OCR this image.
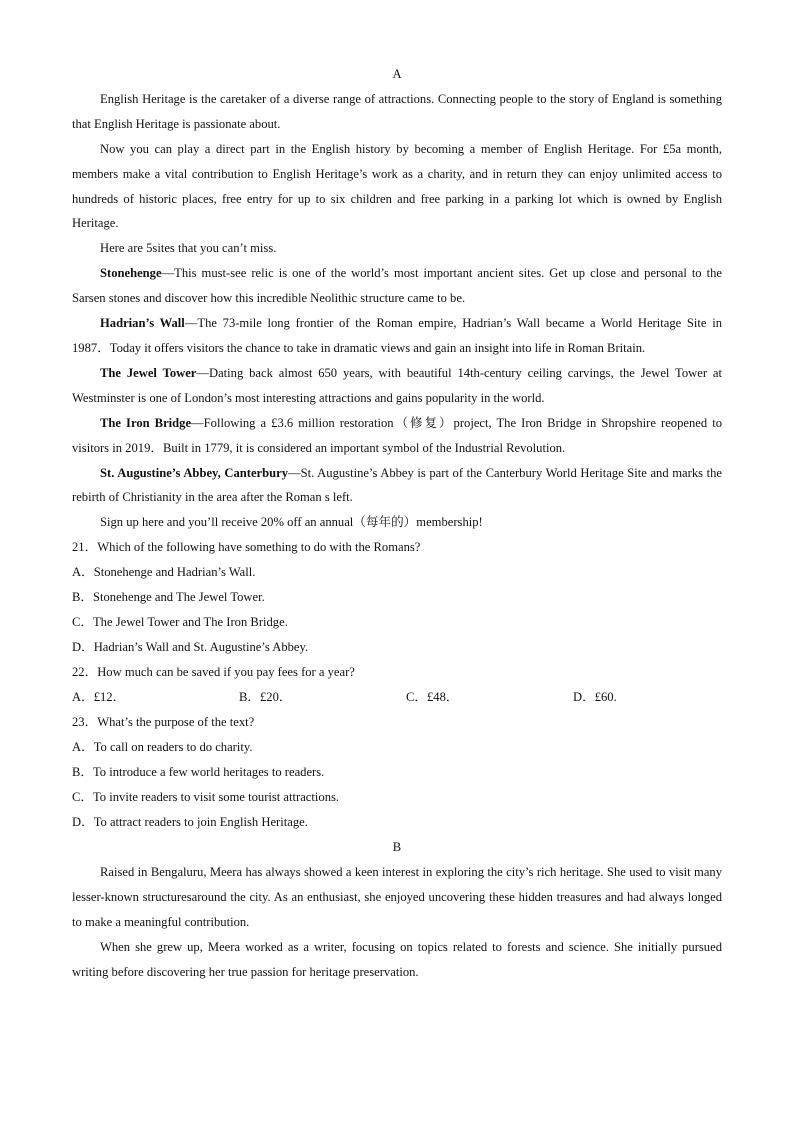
A

English Heritage is the caretaker of a diverse range of attractions. Connecting people to the story of England is something that English Heritage is passionate about.

Now you can play a direct part in the English history by becoming a member of English Heritage. For £5a month, members make a vital contribution to English Heritage’s work as a charity, and in return they can enjoy unlimited access to hundreds of historic places, free entry for up to six children and free parking in a parking lot which is owned by English Heritage.

Here are 5sites that you can’t miss.

Stonehenge—This must-see relic is one of the world’s most important ancient sites. Get up close and personal to the Sarsen stones and discover how this incredible Neolithic structure came to be.

Hadrian’s Wall—The 73-mile long frontier of the Roman empire, Hadrian’s Wall became a World Heritage Site in 1987．Today it offers visitors the chance to take in dramatic views and gain an insight into life in Roman Britain.

The Jewel Tower—Dating back almost 650 years, with beautiful 14th-century ceiling carvings, the Jewel Tower at Westminster is one of London’s most interesting attractions and gains popularity in the world.

The Iron Bridge—Following a £3.6 million restoration（修复）project, The Iron Bridge in Shropshire reopened to visitors in 2019．Built in 1779, it is considered an important symbol of the Industrial Revolution.

St. Augustine’s Abbey, Canterbury—St. Augustine’s Abbey is part of the Canterbury World Heritage Site and marks the rebirth of Christianity in the area after the Roman s left.

Sign up here and you’ll receive 20% off an annual（每年的）membership!

21．Which of the following have something to do with the Romans?

A．Stonehenge and Hadrian’s Wall.

B．Stonehenge and The Jewel Tower.

C．The Jewel Tower and The Iron Bridge.

D．Hadrian’s Wall and St. Augustine’s Abbey.

22．How much can be saved if you pay fees for a year?

A．£12．	B．£20．	C．£48．	D．£60.

23．What’s the purpose of the text?

A．To call on readers to do charity.

B．To introduce a few world heritages to readers.

C．To invite readers to visit some tourist attractions.

D．To attract readers to join English Heritage.

B

Raised in Bengaluru, Meera has always showed a keen interest in exploring the city’s rich heritage. She used to visit many lesser-known structuresaround the city. As an enthusiast, she enjoyed uncovering these hidden treasures and had always longed to make a meaningful contribution.

When she grew up, Meera worked as a writer, focusing on topics related to forests and science. She initially pursued writing before discovering her true passion for heritage preservation.
